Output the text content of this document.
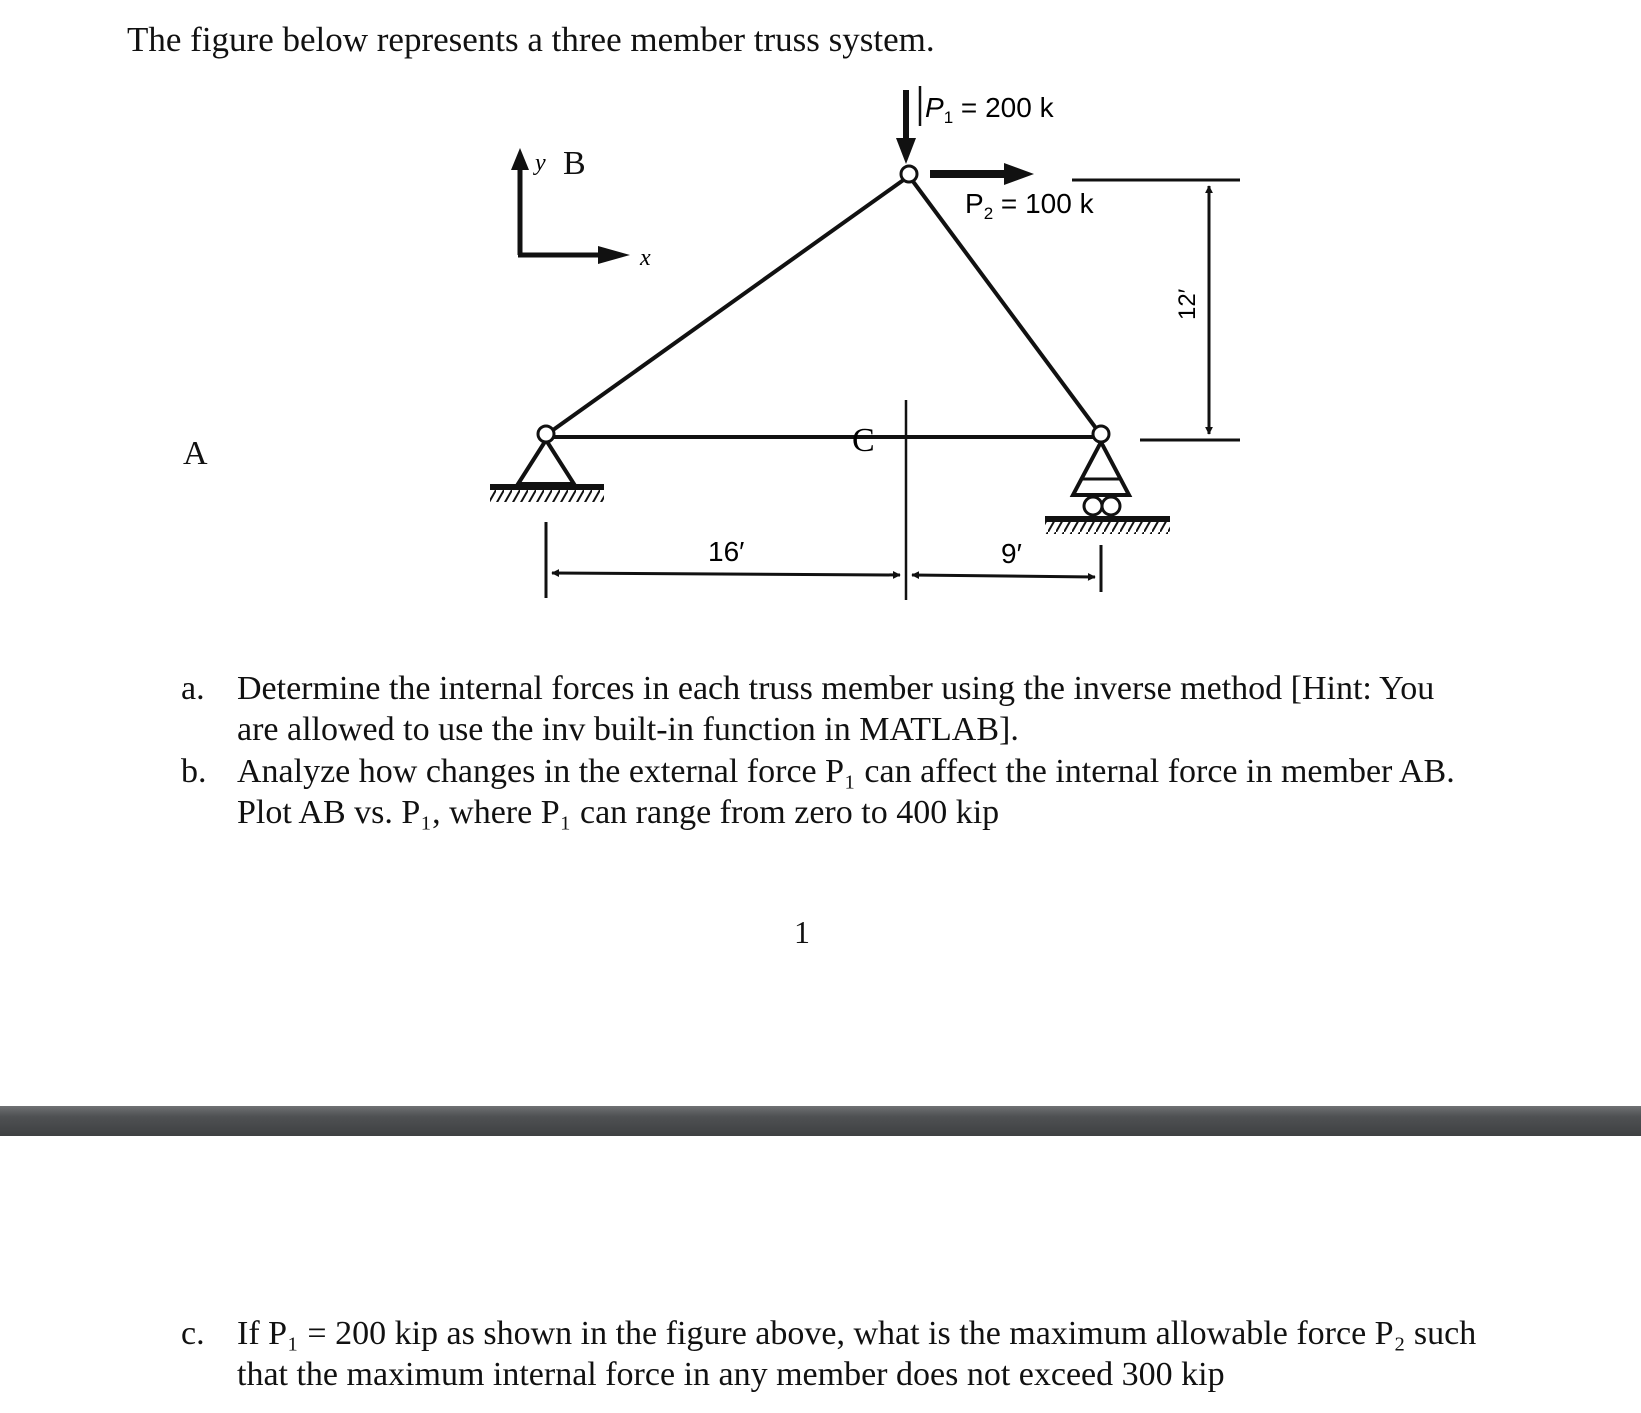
The figure below represents a three member truss system.
A
B
y
x
C
$P_1 = 200$ k
$P_2 = 100$ k
12′
16′	9′
a. Determine the internal forces in each truss member using the inverse method [Hint: You
are allowed to use the inv built-in function in MATLAB].
b. Analyze how changes in the external force P₁ can affect the internal force in member AB.
Plot AB vs. P₁, where P₁ can range from zero to 400 kip
1
c. If P₁ = 200 kip as shown in the figure above, what is the maximum allowable force P₂ such
that the maximum internal force in any member does not exceed 300 kip
